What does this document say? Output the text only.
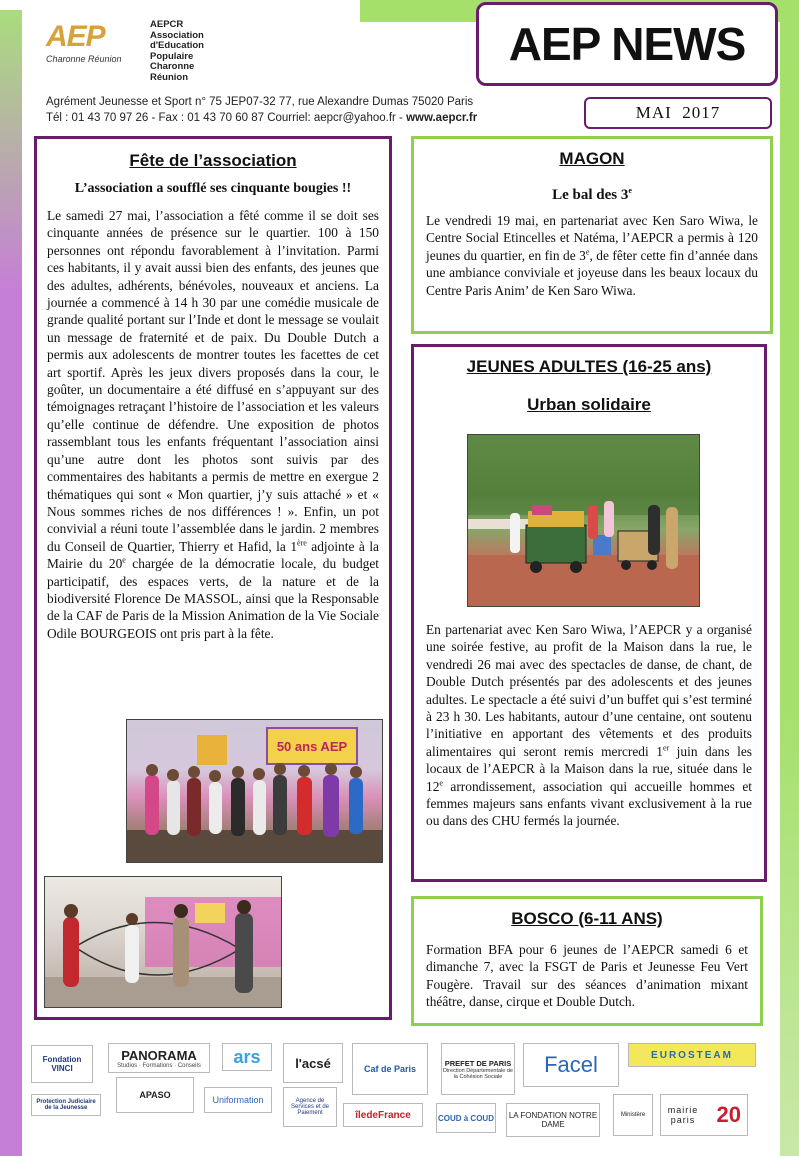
AEP
Charonne Réunion
AEPCR
Association
d'Education
Populaire
Charonne
Réunion
AEP NEWS
Agrément Jeunesse et Sport n° 75 JEP07-32 77, rue Alexandre Dumas 75020 Paris
Tél : 01 43 70 97 26 - Fax : 01 43 70 60 87 Courriel: aepcr@yahoo.fr - www.aepcr.fr	MAI  2017
Fête de l’association
L’association a soufflé ses cinquante bougies !!
Le samedi 27 mai, l’association a fêté comme il se doit ses cinquante années de présence sur le quartier. 100 à 150 personnes ont répondu favorablement à l’invitation. Parmi ces habitants, il y avait aussi bien des enfants, des jeunes que des adultes, adhérents, bénévoles, nouveaux et anciens. La journée a commencé à 14 h 30 par une comédie musicale de grande qualité portant sur l’Inde et dont le message se voulait un message de fraternité et de paix. Du Double Dutch a permis aux adolescents de montrer toutes les facettes de cet art sportif. Après les jeux divers proposés dans la cour, le goûter, un documentaire a été diffusé en s’appuyant sur des témoignages retraçant l’histoire de l’association et les valeurs qu’elle continue de défendre. Une exposition de photos rassemblant tous les enfants fréquentant l’association ainsi qu’une autre dont les photos sont suivis par des commentaires des habitants a permis de mettre en exergue 2 thématiques qui sont « Mon quartier, j’y suis attaché » et « Nous sommes riches de nos différences ! ». Enfin, un pot convivial a réuni toute l’assemblée dans le jardin. 2 membres du Conseil de Quartier, Thierry et Hafid, la 1ère adjointe à la Mairie du 20e chargée de la démocratie locale, du budget participatif, des espaces verts, de la nature et de la biodiversité Florence De MASSOL, ainsi que la Responsable de la CAF de Paris de la Mission Animation de la Vie Sociale Odile BOURGEOIS ont pris part à la fête.
50 ans AEP
MAGON
Le bal des 3e
Le vendredi 19 mai, en partenariat avec Ken Saro Wiwa, le Centre Social Etincelles et Natéma, l’AEPCR a permis à 120 jeunes du quartier, en fin de 3e, de fêter cette fin d’année dans une ambiance conviviale et joyeuse dans les beaux locaux du Centre Paris Anim’ de Ken Saro Wiwa.
JEUNES ADULTES (16-25 ans)
Urban solidaire
En partenariat avec Ken Saro Wiwa, l’AEPCR y a organisé une soirée festive, au profit de la Maison dans la rue, le vendredi 26 mai avec des spectacles de danse, de chant, de Double Dutch présentés par des adolescents et des jeunes adultes. Le spectacle a été suivi d’un buffet qui s’est terminé à 23 h 30. Les habitants, autour d’une centaine, ont soutenu l’initiative en apportant des vêtements et des produits alimentaires qui seront remis mercredi 1er juin dans les locaux de l’AEPCR à la Maison dans la rue, située dans le 12e arrondissement, association qui accueille hommes et femmes majeurs sans enfants vivant exclusivement à la rue ou dans des CHU fermés la journée.
BOSCO (6-11 ANS)
Formation BFA pour 6 jeunes de l’AEPCR samedi 6 et dimanche 7, avec la FSGT de Paris et Jeunesse Feu Vert Fougère. Travail sur des séances d’animation mixant théâtre, danse, cirque et Double Dutch.
Fondation VINCI
PANORAMA
Studios · Formations · Conseils ars	l'acsé	Caf de Paris
PREFET DE PARIS
Direction Départementale de la Cohésion Sociale	Facel	EUROSTEAM
Protection Judiciaire de la Jeunesse
APASO	Uniformation	Agence de Services et de Paiement	îledeFrance	COUD à COUD LA FONDATION NOTRE DAME
Ministère	mairie paris 20
